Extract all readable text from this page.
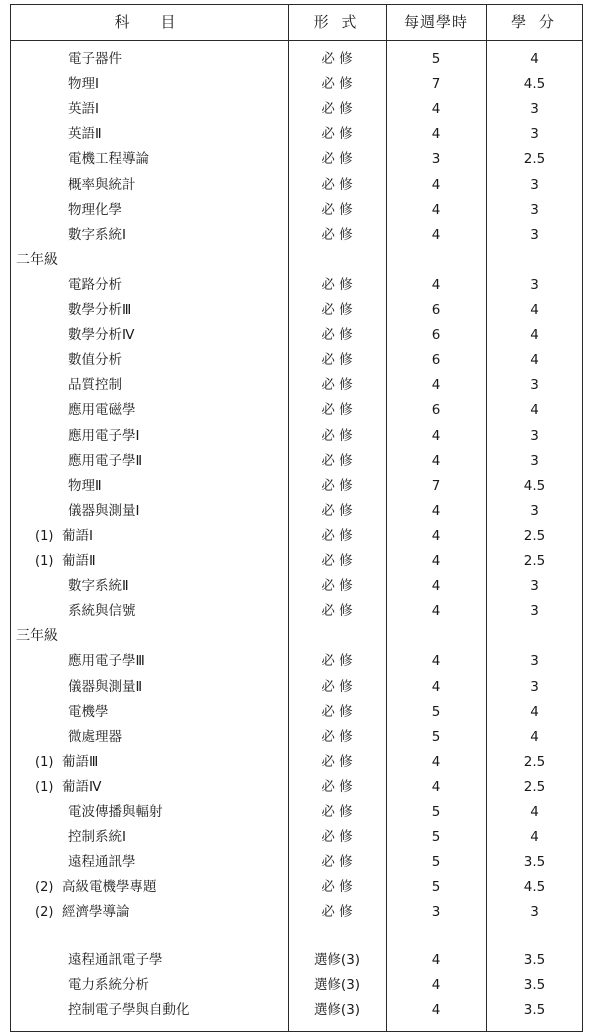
科　目	形 式	每週學時	學 分
電子器件	必 修	5	4
物理Ⅰ	必 修	7	4.5
英語Ⅰ	必 修	4	3
英語Ⅱ	必 修	4	3
電機工程導論	必 修	3	2.5
概率與統計	必 修	4	3
物理化學	必 修	4	3
數字系統Ⅰ	必 修	4	3
二年級
電路分析	必 修	4	3
數學分析Ⅲ	必 修	6	4
數學分析Ⅳ	必 修	6	4
數值分析	必 修	6	4
品質控制	必 修	4	3
應用電磁學	必 修	6	4
應用電子學Ⅰ	必 修	4	3
應用電子學Ⅱ	必 修	4	3
物理Ⅱ	必 修	7	4.5
儀器與測量Ⅰ	必 修	4	3
(1) 葡語Ⅰ	必 修	4	2.5
(1) 葡語Ⅱ	必 修	4	2.5
數字系統Ⅱ	必 修	4	3
系統與信號	必 修	4	3
三年級
應用電子學Ⅲ	必 修	4	3
儀器與測量Ⅱ	必 修	4	3
電機學	必 修	5	4
微處理器	必 修	5	4
(1) 葡語Ⅲ	必 修	4	2.5
(1) 葡語Ⅳ	必 修	4	2.5
電波傳播與輻射	必 修	5	4
控制系統Ⅰ	必 修	5	4
遠程通訊學	必 修	5	3.5
(2) 高級電機學專題	必 修	5	4.5
(2) 經濟學導論	必 修	3	3
遠程通訊電子學	選修(3)	4	3.5
電力系統分析	選修(3)	4	3.5
控制電子學與自動化	選修(3)	4	3.5
